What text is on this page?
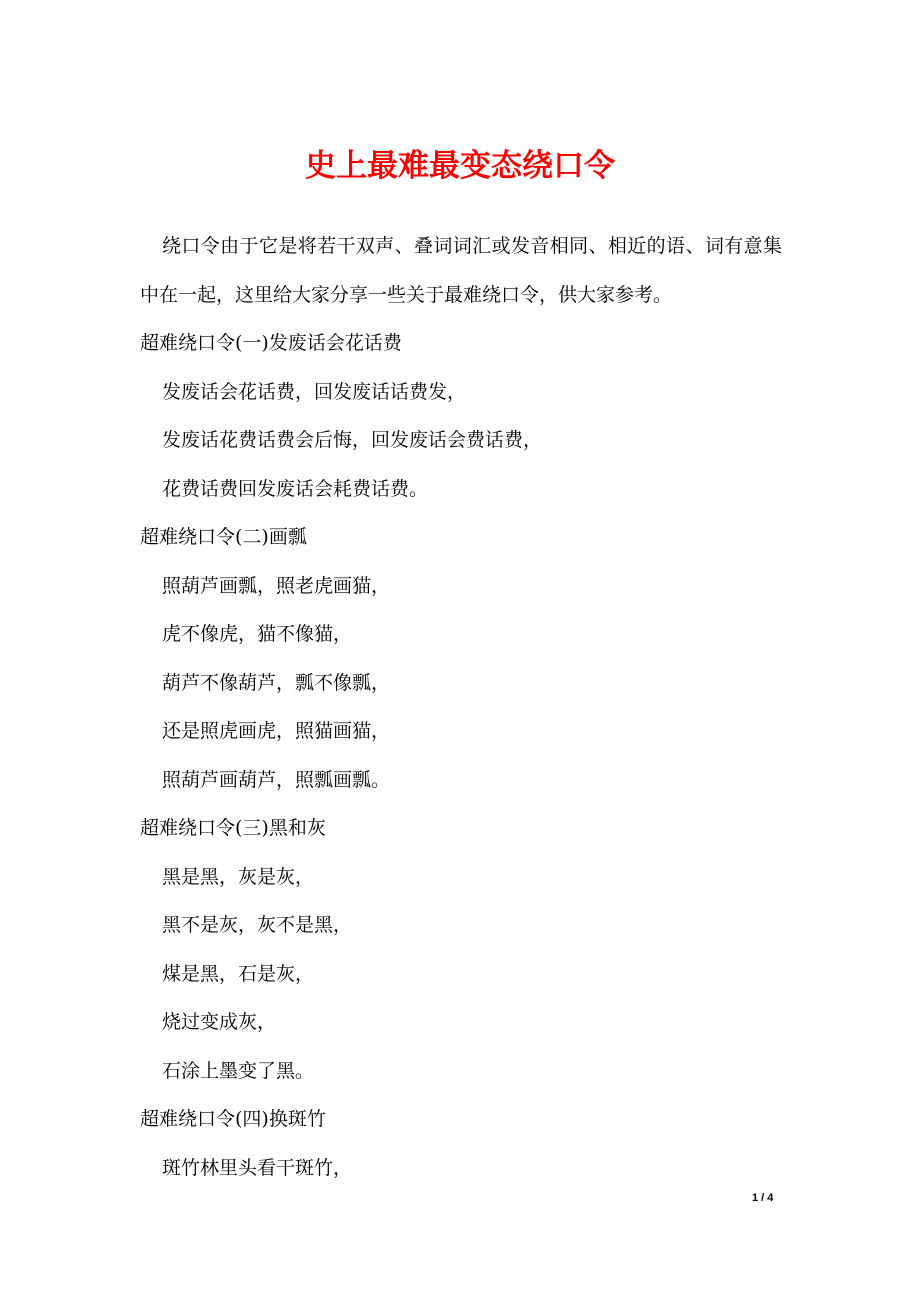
史上最难最变态绕口令

绕口令由于它是将若干双声、叠词词汇或发音相同、相近的语、词有意集中在一起，这里给大家分享一些关于最难绕口令，供大家参考。

超难绕口令(一)发废话会花话费
发废话会花话费，回发废话话费发，
发废话花费话费会后悔，回发废话会费话费，
花费话费回发废话会耗费话费。
超难绕口令(二)画瓢
照葫芦画瓢，照老虎画猫，
虎不像虎，猫不像猫，
葫芦不像葫芦，瓢不像瓢，
还是照虎画虎，照猫画猫，
照葫芦画葫芦，照瓢画瓢。
超难绕口令(三)黑和灰
黑是黑，灰是灰，
黑不是灰，灰不是黑，
煤是黑，石是灰，
烧过变成灰，
石涂上墨变了黑。
超难绕口令(四)换斑竹
斑竹林里头看干斑竹，
1 / 4
